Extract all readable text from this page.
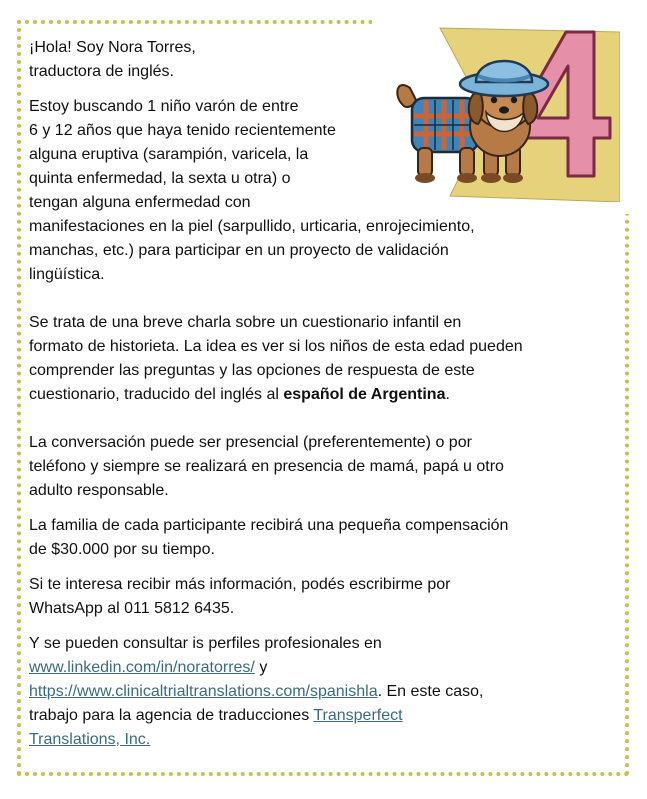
¡Hola! Soy Nora Torres,
traductora de inglés.

Estoy buscando 1 niño varón de entre
6 y 12 años que haya tenido recientemente
alguna eruptiva (sarampión, varicela, la
quinta enfermedad, la sexta u otra) o
tengan alguna enfermedad con
manifestaciones en la piel (sarpullido, urticaria, enrojecimiento,
manchas, etc.) para participar en un proyecto de validación
lingüística.

Se trata de una breve charla sobre un cuestionario infantil en
formato de historieta. La idea es ver si los niños de esta edad pueden
comprender las preguntas y las opciones de respuesta de este
cuestionario, traducido del inglés al español de Argentina.

La conversación puede ser presencial (preferentemente) o por
teléfono y siempre se realizará en presencia de mamá, papá u otro
adulto responsable.

La familia de cada participante recibirá una pequeña compensación
de $30.000 por su tiempo.

Si te interesa recibir más información, podés escribirme por
WhatsApp al 011 5812 6435.

Y se pueden consultar is perfiles profesionales en
www.linkedin.com/in/noratorres/ y
https://www.clinicaltrialtranslations.com/spanishla. En este caso,
trabajo para la agencia de traducciones Transperfect
Translations, Inc.
